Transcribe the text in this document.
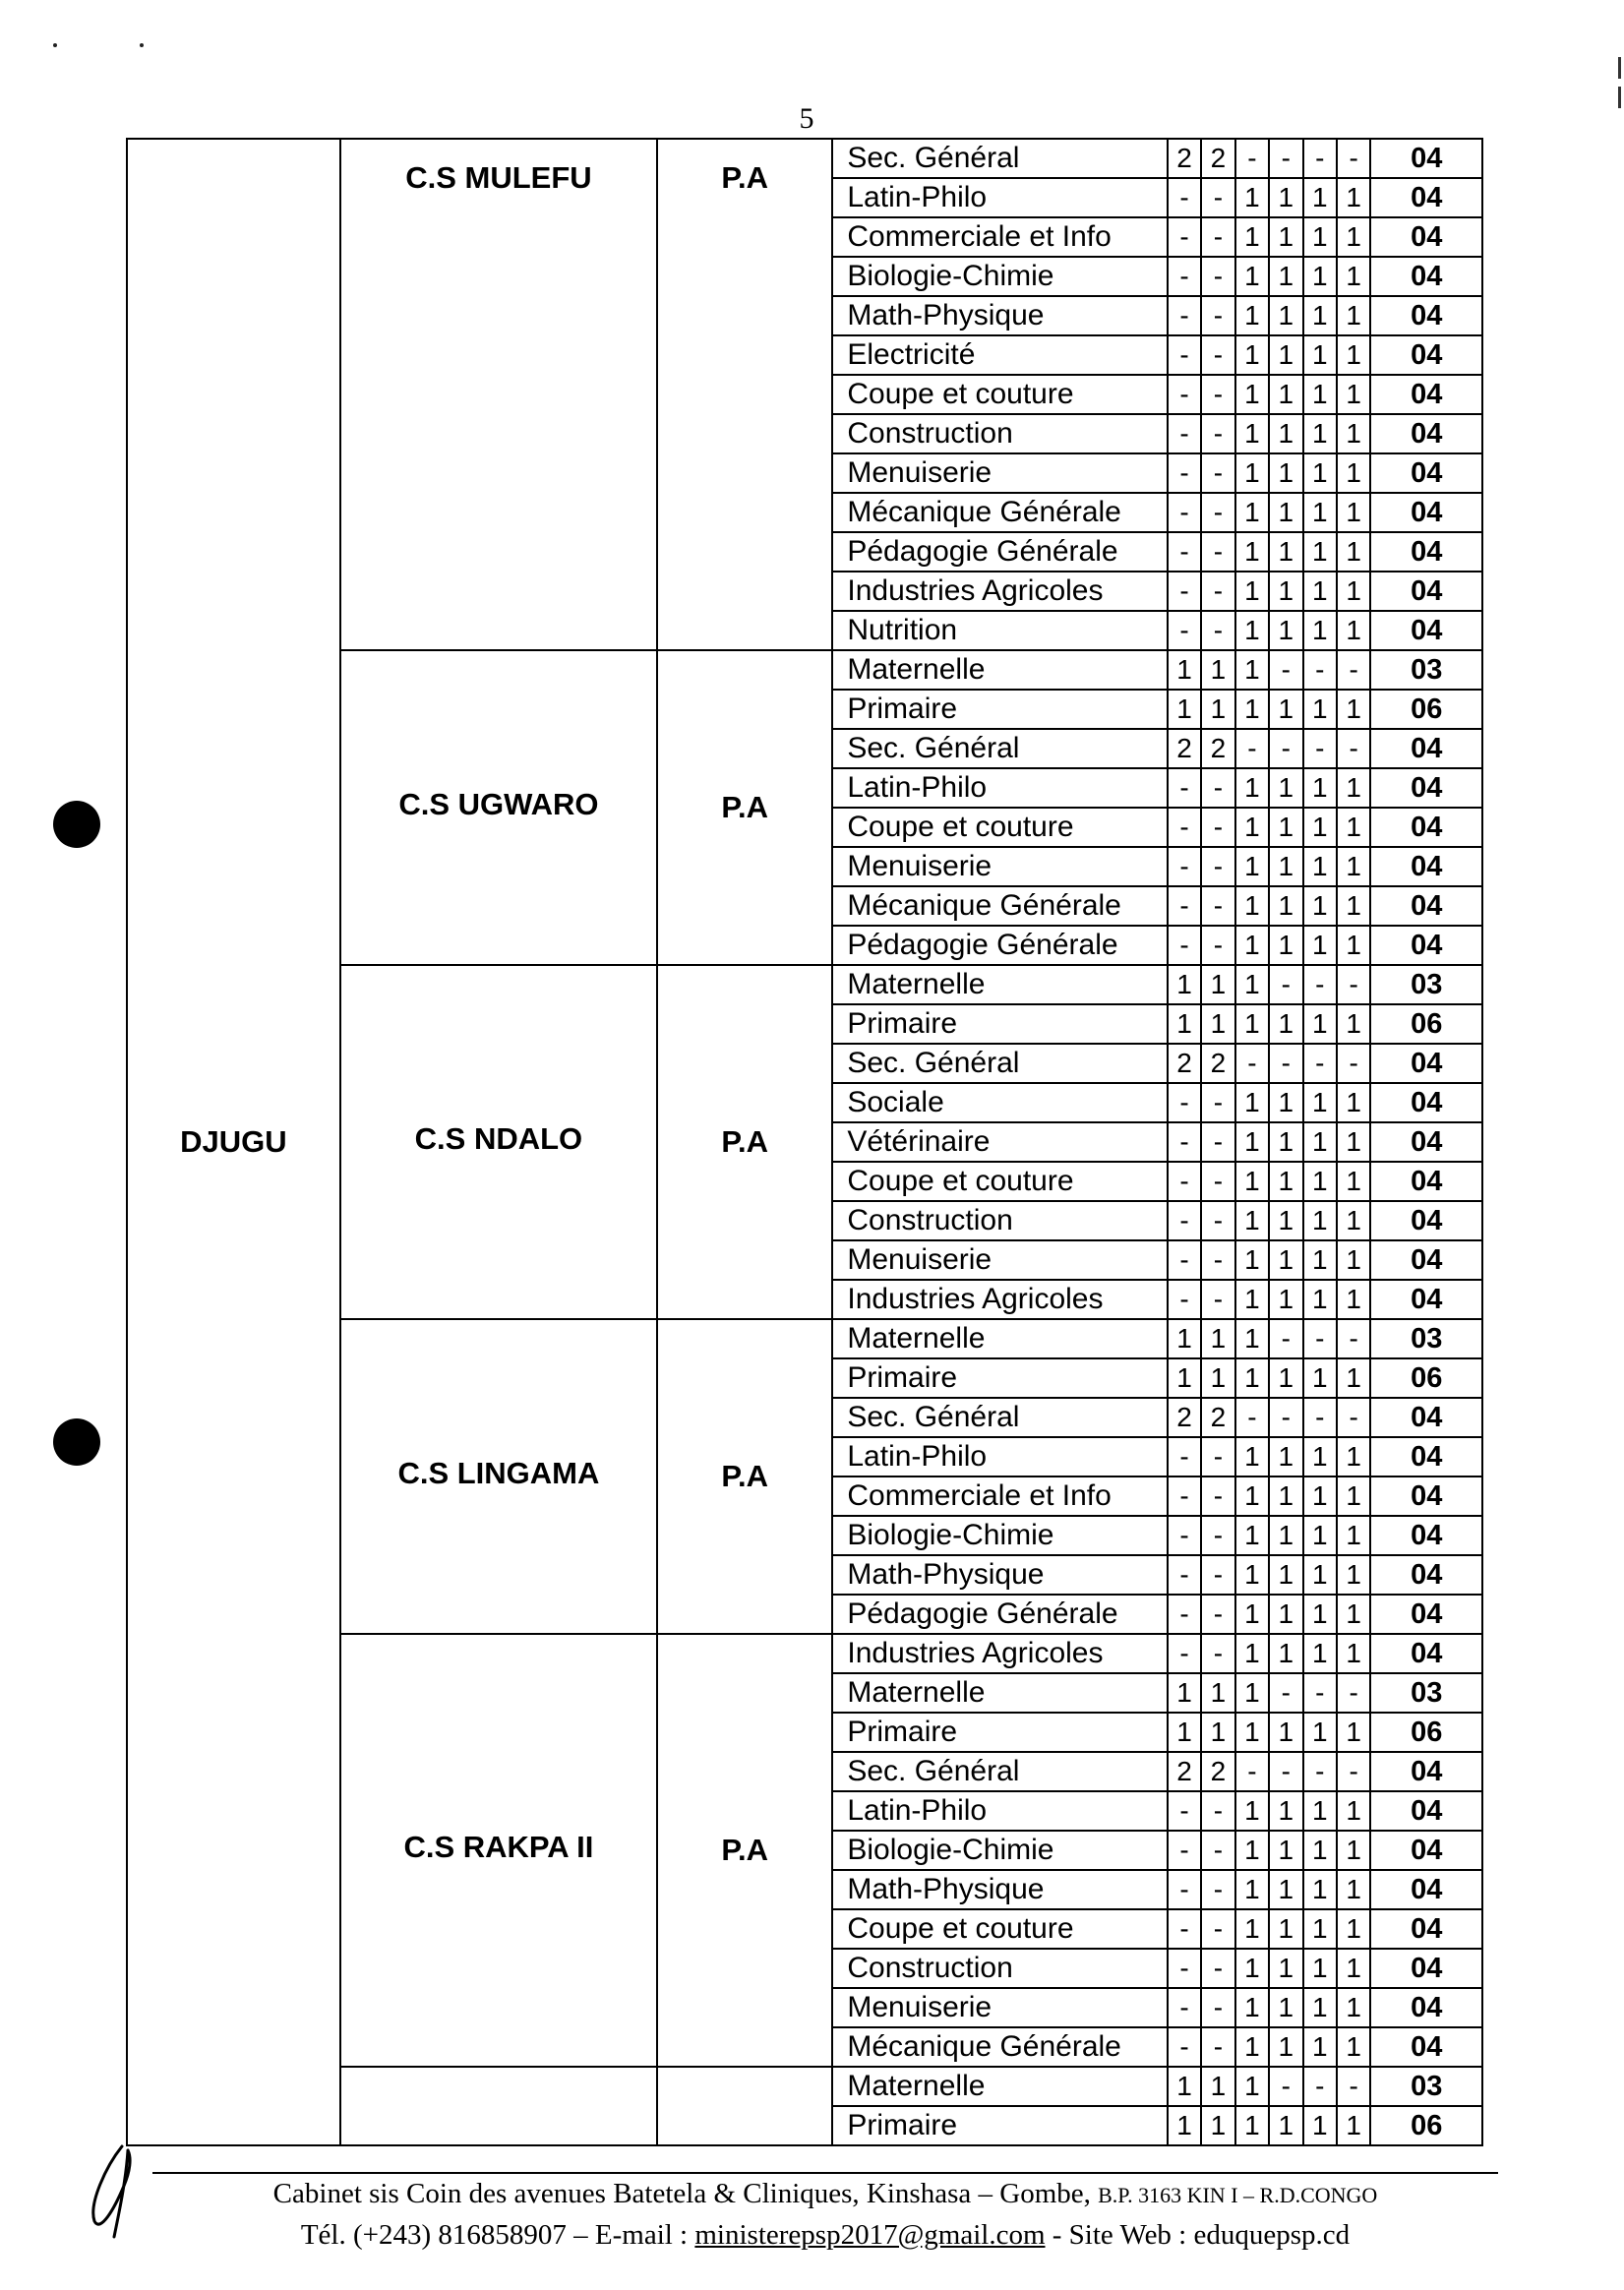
5
DJUGU	C.S MULEFU	P.A	Sec. Général	2	2	-	-	-	-	04
			Latin-Philo	-	-	1	1	1	1	04
			Commerciale et Info	-	-	1	1	1	1	04
			Biologie-Chimie	-	-	1	1	1	1	04
			Math-Physique	-	-	1	1	1	1	04
			Electricité	-	-	1	1	1	1	04
			Coupe et couture	-	-	1	1	1	1	04
			Construction	-	-	1	1	1	1	04
			Menuiserie	-	-	1	1	1	1	04
			Mécanique Générale	-	-	1	1	1	1	04
			Pédagogie Générale	-	-	1	1	1	1	04
			Industries Agricoles	-	-	1	1	1	1	04
			Nutrition	-	-	1	1	1	1	04
	C.S UGWARO	P.A	Maternelle	1	1	1	-	-	-	03
			Primaire	1	1	1	1	1	1	06
			Sec. Général	2	2	-	-	-	-	04
			Latin-Philo	-	-	1	1	1	1	04
			Coupe et couture	-	-	1	1	1	1	04
			Menuiserie	-	-	1	1	1	1	04
			Mécanique Générale	-	-	1	1	1	1	04
			Pédagogie Générale	-	-	1	1	1	1	04
	C.S NDALO	P.A	Maternelle	1	1	1	-	-	-	03
			Primaire	1	1	1	1	1	1	06
			Sec. Général	2	2	-	-	-	-	04
			Sociale	-	-	1	1	1	1	04
			Vétérinaire	-	-	1	1	1	1	04
			Coupe et couture	-	-	1	1	1	1	04
			Construction	-	-	1	1	1	1	04
			Menuiserie	-	-	1	1	1	1	04
			Industries Agricoles	-	-	1	1	1	1	04
	C.S LINGAMA	P.A	Maternelle	1	1	1	-	-	-	03
			Primaire	1	1	1	1	1	1	06
			Sec. Général	2	2	-	-	-	-	04
			Latin-Philo	-	-	1	1	1	1	04
			Commerciale et Info	-	-	1	1	1	1	04
			Biologie-Chimie	-	-	1	1	1	1	04
			Math-Physique	-	-	1	1	1	1	04
			Pédagogie Générale	-	-	1	1	1	1	04
	C.S RAKPA II	P.A	Industries Agricoles	-	-	1	1	1	1	04
			Maternelle	1	1	1	-	-	-	03
			Primaire	1	1	1	1	1	1	06
			Sec. Général	2	2	-	-	-	-	04
			Latin-Philo	-	-	1	1	1	1	04
			Biologie-Chimie	-	-	1	1	1	1	04
			Math-Physique	-	-	1	1	1	1	04
			Coupe et couture	-	-	1	1	1	1	04
			Construction	-	-	1	1	1	1	04
			Menuiserie	-	-	1	1	1	1	04
			Mécanique Générale	-	-	1	1	1	1	04
			Maternelle	1	1	1	-	-	-	03
			Primaire	1	1	1	1	1	1	06
Cabinet sis Coin des avenues Batetela & Cliniques, Kinshasa – Gombe, B.P. 3163 KIN I – R.D.CONGO
Tél. (+243) 816858907 – E-mail : ministerepsp2017@gmail.com - Site Web : eduquepsp.cd
